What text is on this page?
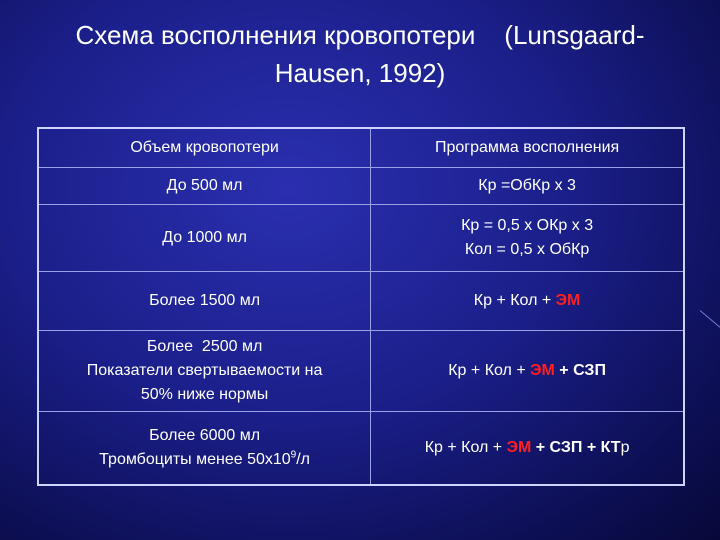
Схема восполнения кровопотери    (Lunsgaard-
Hausen, 1992)
Объем кровопотери	Программа восполнения
До 500 мл	Кр =ОбКр х 3
До 1000 мл	Кр = 0,5 х ОКр х 3
Кол = 0,5 х ОбКр

Более 1500 мл	Кр + Кол + ЭМ

Более  2500 мл
Показатели свертываемости на
50% ниже нормы	Кр + Кол + ЭМ + СЗП

Более 6000 мл
Тромбоциты менее $50х10^9/л$	Кр + Кол + ЭМ + СЗП + КТр
